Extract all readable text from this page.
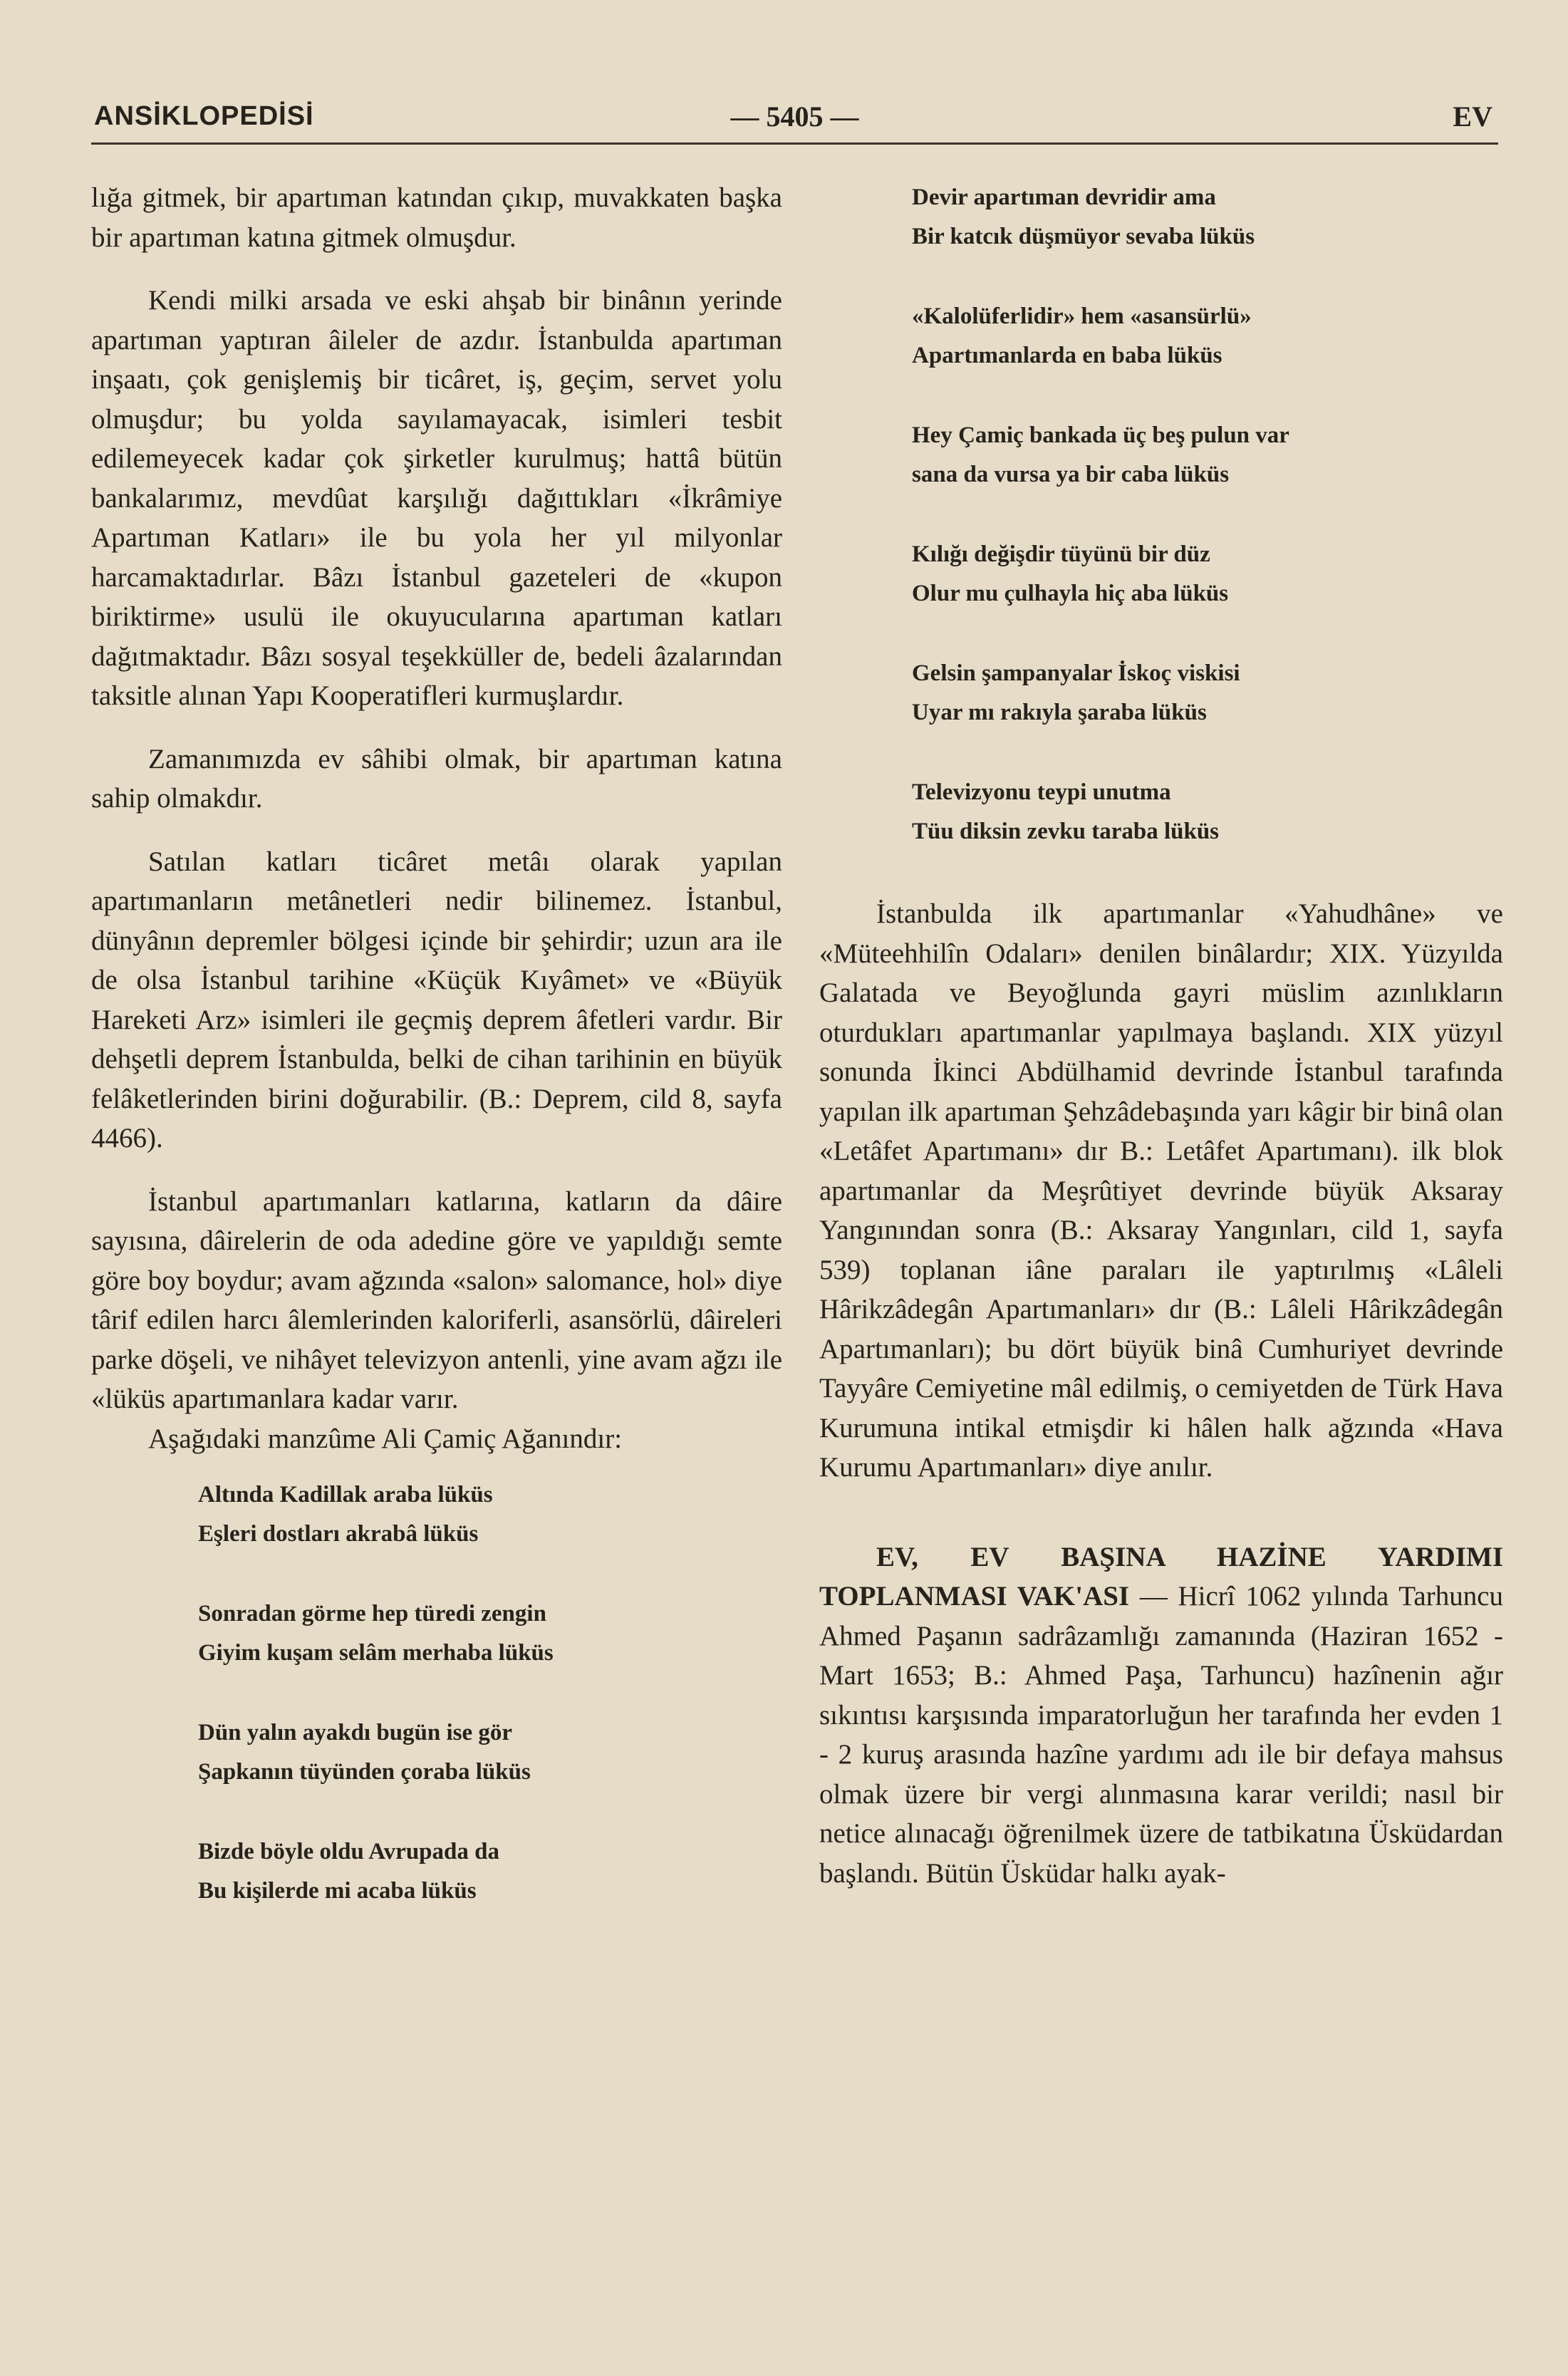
ANSİKLOPEDİSİ	— 5405 —	EV

lığa gitmek, bir apartıman katından çıkıp, muvakkaten başka bir apartıman katına gitmek olmuşdur.

Kendi milki arsada ve eski ahşab bir binânın yerinde apartıman yaptıran âileler de azdır. İstanbulda apartıman inşaatı, çok genişlemiş bir ticâret, iş, geçim, servet yolu olmuşdur; bu yolda sayılamayacak, isimleri tesbit edilemeyecek kadar çok şirketler kurulmuş; hattâ bütün bankalarımız, mevdûat karşılığı dağıttıkları «İkrâmiye Apartıman Katları» ile bu yola her yıl milyonlar harcamaktadırlar. Bâzı İstanbul gazeteleri de «kupon biriktirme» usulü ile okuyucularına apartıman katları dağıtmaktadır. Bâzı sosyal teşekküller de, bedeli âzalarından taksitle alınan Yapı Kooperatifleri kurmuşlardır.

Zamanımızda ev sâhibi olmak, bir apartıman katına sahip olmakdır.

Satılan katları ticâret metâı olarak yapılan apartımanların metânetleri nedir bilinemez. İstanbul, dünyânın depremler bölgesi içinde bir şehirdir; uzun ara ile de olsa İstanbul tarihine «Küçük Kıyâmet» ve «Büyük Hareketi Arz» isimleri ile geçmiş deprem âfetleri vardır. Bir dehşetli deprem İstanbulda, belki de cihan tarihinin en büyük felâketlerinden birini doğurabilir. (B.: Deprem, cild 8, sayfa 4466).

İstanbul apartımanları katlarına, katların da dâire sayısına, dâirelerin de oda adedine göre ve yapıldığı semte göre boy boydur; avam ağzında «salon» salomance, hol» diye târif edilen harcı âlemlerinden kaloriferli, asansörlü, dâireleri parke döşeli, ve nihâyet televizyon antenli, yine avam ağzı ile «lüküs apartımanlara kadar varır.

Aşağıdaki manzûme Ali Çamiç Ağanındır:

Altında Kadillak araba lüküs
Eşleri dostları akrabâ lüküs
Sonradan görme hep türedi zengin
Giyim kuşam selâm merhaba lüküs
Dün yalın ayakdı bugün ise gör
Şapkanın tüyünden çoraba lüküs
Bizde böyle oldu Avrupada da
Bu kişilerde mi acaba lüküs
Devir apartıman devridir ama
Bir katcık düşmüyor sevaba lüküs
«Kalolüferlidir» hem «asansürlü»
Apartımanlarda en baba lüküs
Hey Çamiç bankada üç beş pulun var
sana da vursa ya bir caba lüküs
Kılığı değişdir tüyünü bir düz
Olur mu çulhayla hiç aba lüküs
Gelsin şampanyalar İskoç viskisi
Uyar mı rakıyla şaraba lüküs
Televizyonu teypi unutma
Tüu diksin zevku taraba lüküs

İstanbulda ilk apartımanlar «Yahudhâne» ve «Müteehhilîn Odaları» denilen binâlardır; XIX. Yüzyılda Galatada ve Beyoğlunda gayri müslim azınlıkların oturdukları apartımanlar yapılmaya başlandı. XIX yüzyıl sonunda İkinci Abdülhamid devrinde İstanbul tarafında yapılan ilk apartıman Şehzâdebaşında yarı kâgir bir binâ olan «Letâfet Apartımanı» dır B.: Letâfet Apartımanı). ilk blok apartımanlar da Meşrûtiyet devrinde büyük Aksaray Yangınından sonra (B.: Aksaray Yangınları, cild 1, sayfa 539) toplanan iâne paraları ile yaptırılmış «Lâleli Hârikzâdegân Apartımanları» dır (B.: Lâleli Hârikzâdegân Apartımanları); bu dört büyük binâ Cumhuriyet devrinde Tayyâre Cemiyetine mâl edilmiş, o cemiyetden de Türk Hava Kurumuna intikal etmişdir ki hâlen halk ağzında «Hava Kurumu Apartımanları» diye anılır.

EV, EV BAŞINA HAZİNE YARDIMI TOPLANMASI VAK'ASI — Hicrî 1062 yılında Tarhuncu Ahmed Paşanın sadrâzamlığı zamanında (Haziran 1652 - Mart 1653; B.: Ahmed Paşa, Tarhuncu) hazînenin ağır sıkıntısı karşısında imparatorluğun her tarafında her evden 1 - 2 kuruş arasında hazîne yardımı adı ile bir defaya mahsus olmak üzere bir vergi alınmasına karar verildi; nasıl bir netice alınacağı öğrenilmek üzere de tatbikatına Üsküdardan başlandı. Bütün Üsküdar halkı ayak-
